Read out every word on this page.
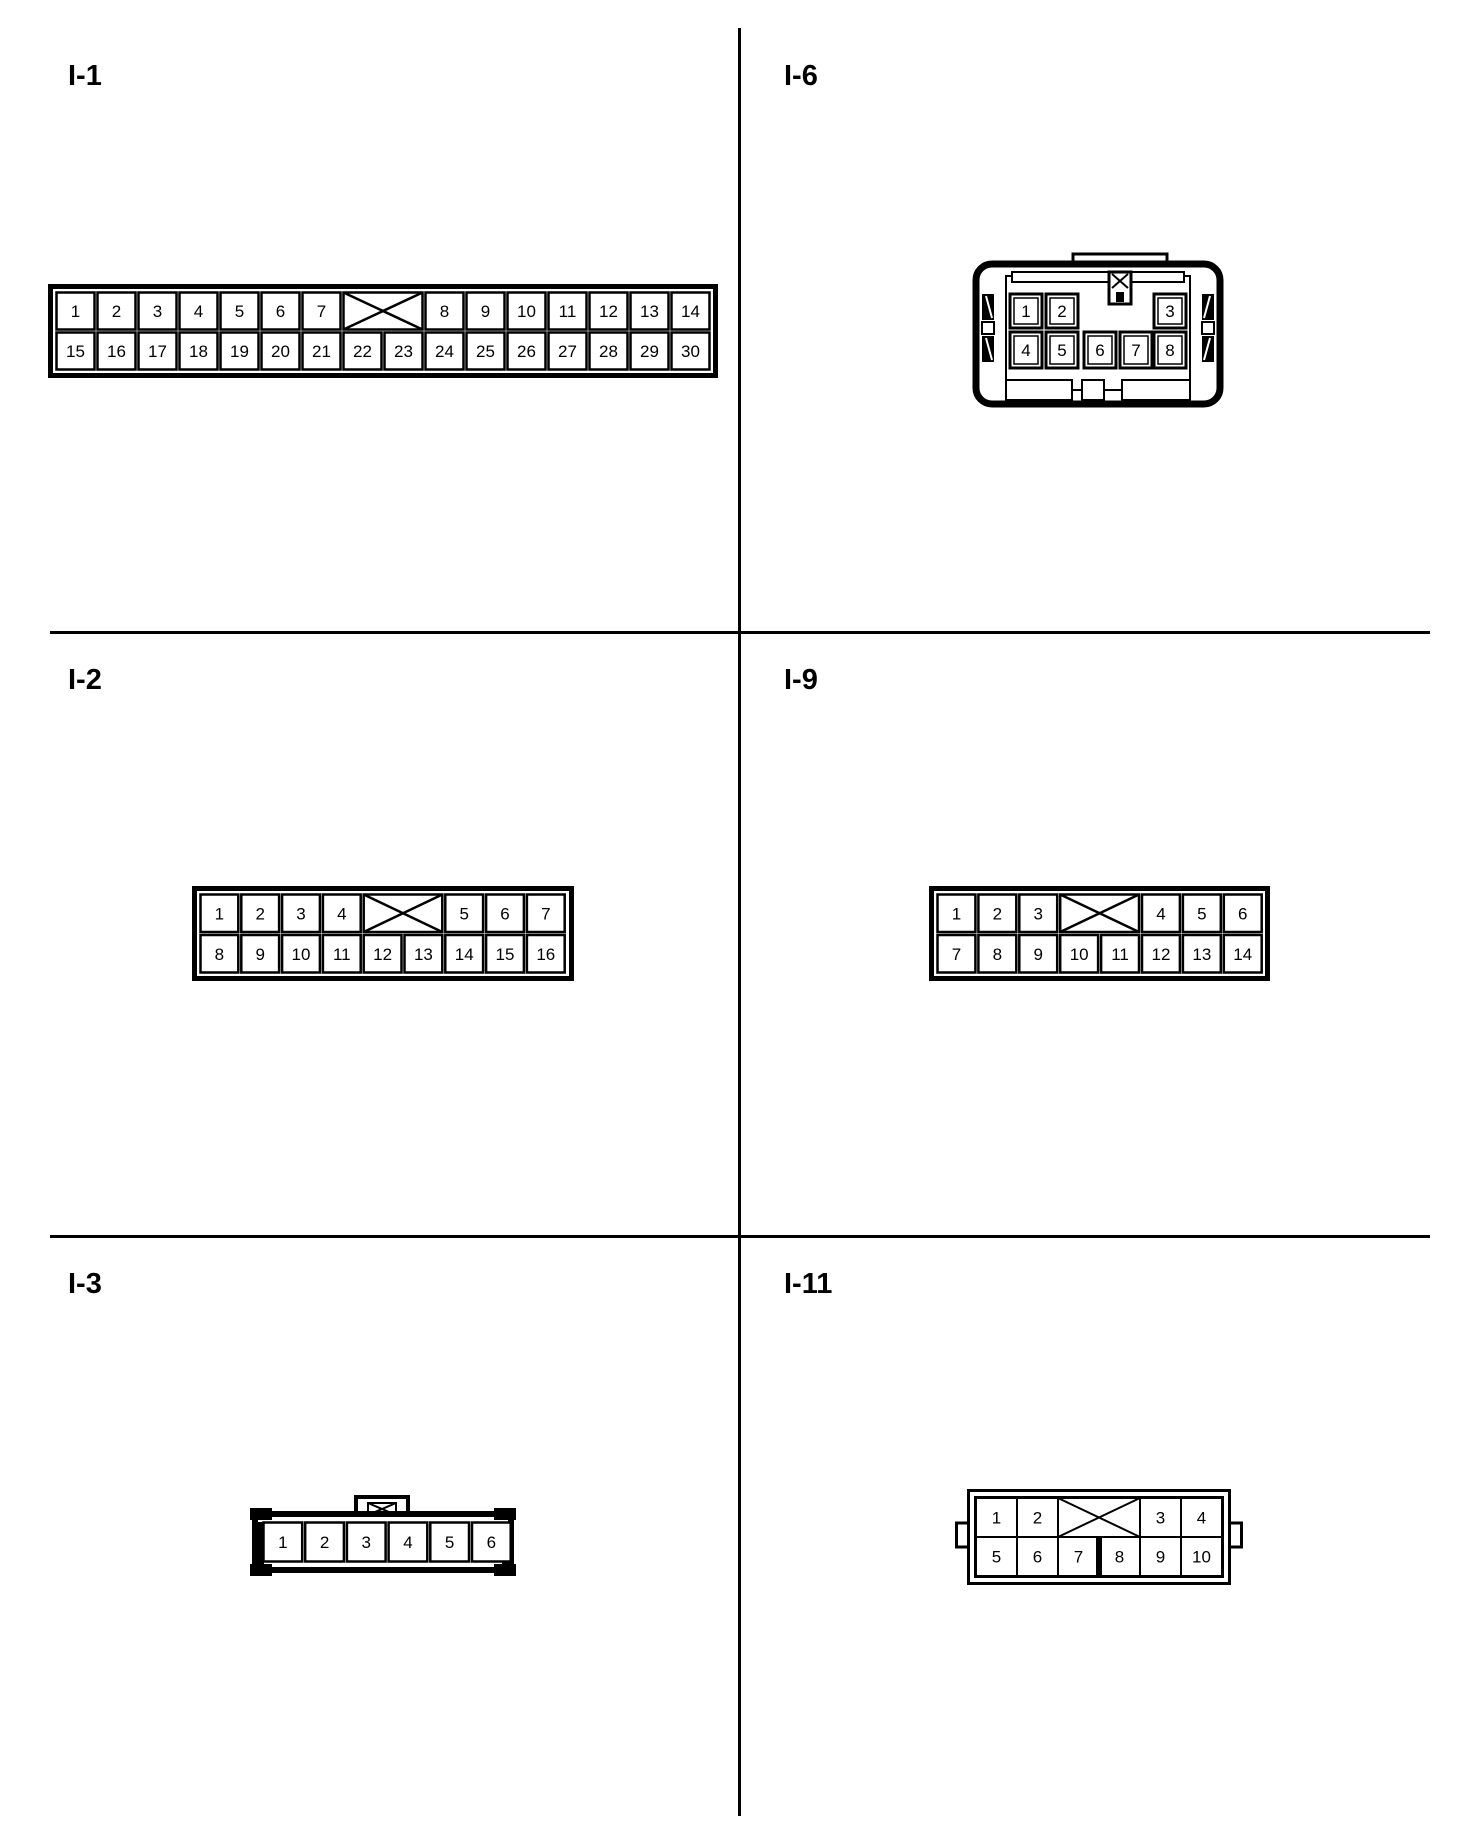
I-1	I-6
I-2	I-9
I-3	I-11
1 2 3 4 5 6 7	8 9 10 11 12 13 14
15 16 17 18 19 20 21 22 23 24 25 26 27 28 29 30
1 2 3 4	5 6 7
8 9 10 11 12 13 14 15 16
1 2 3	4 5 6
7 8 9 10 11 12 13 14
1 2 3 4 5 6
1 2	3 4
5 6 7 8 9 10
1 2	3
4 5 6 7 8
